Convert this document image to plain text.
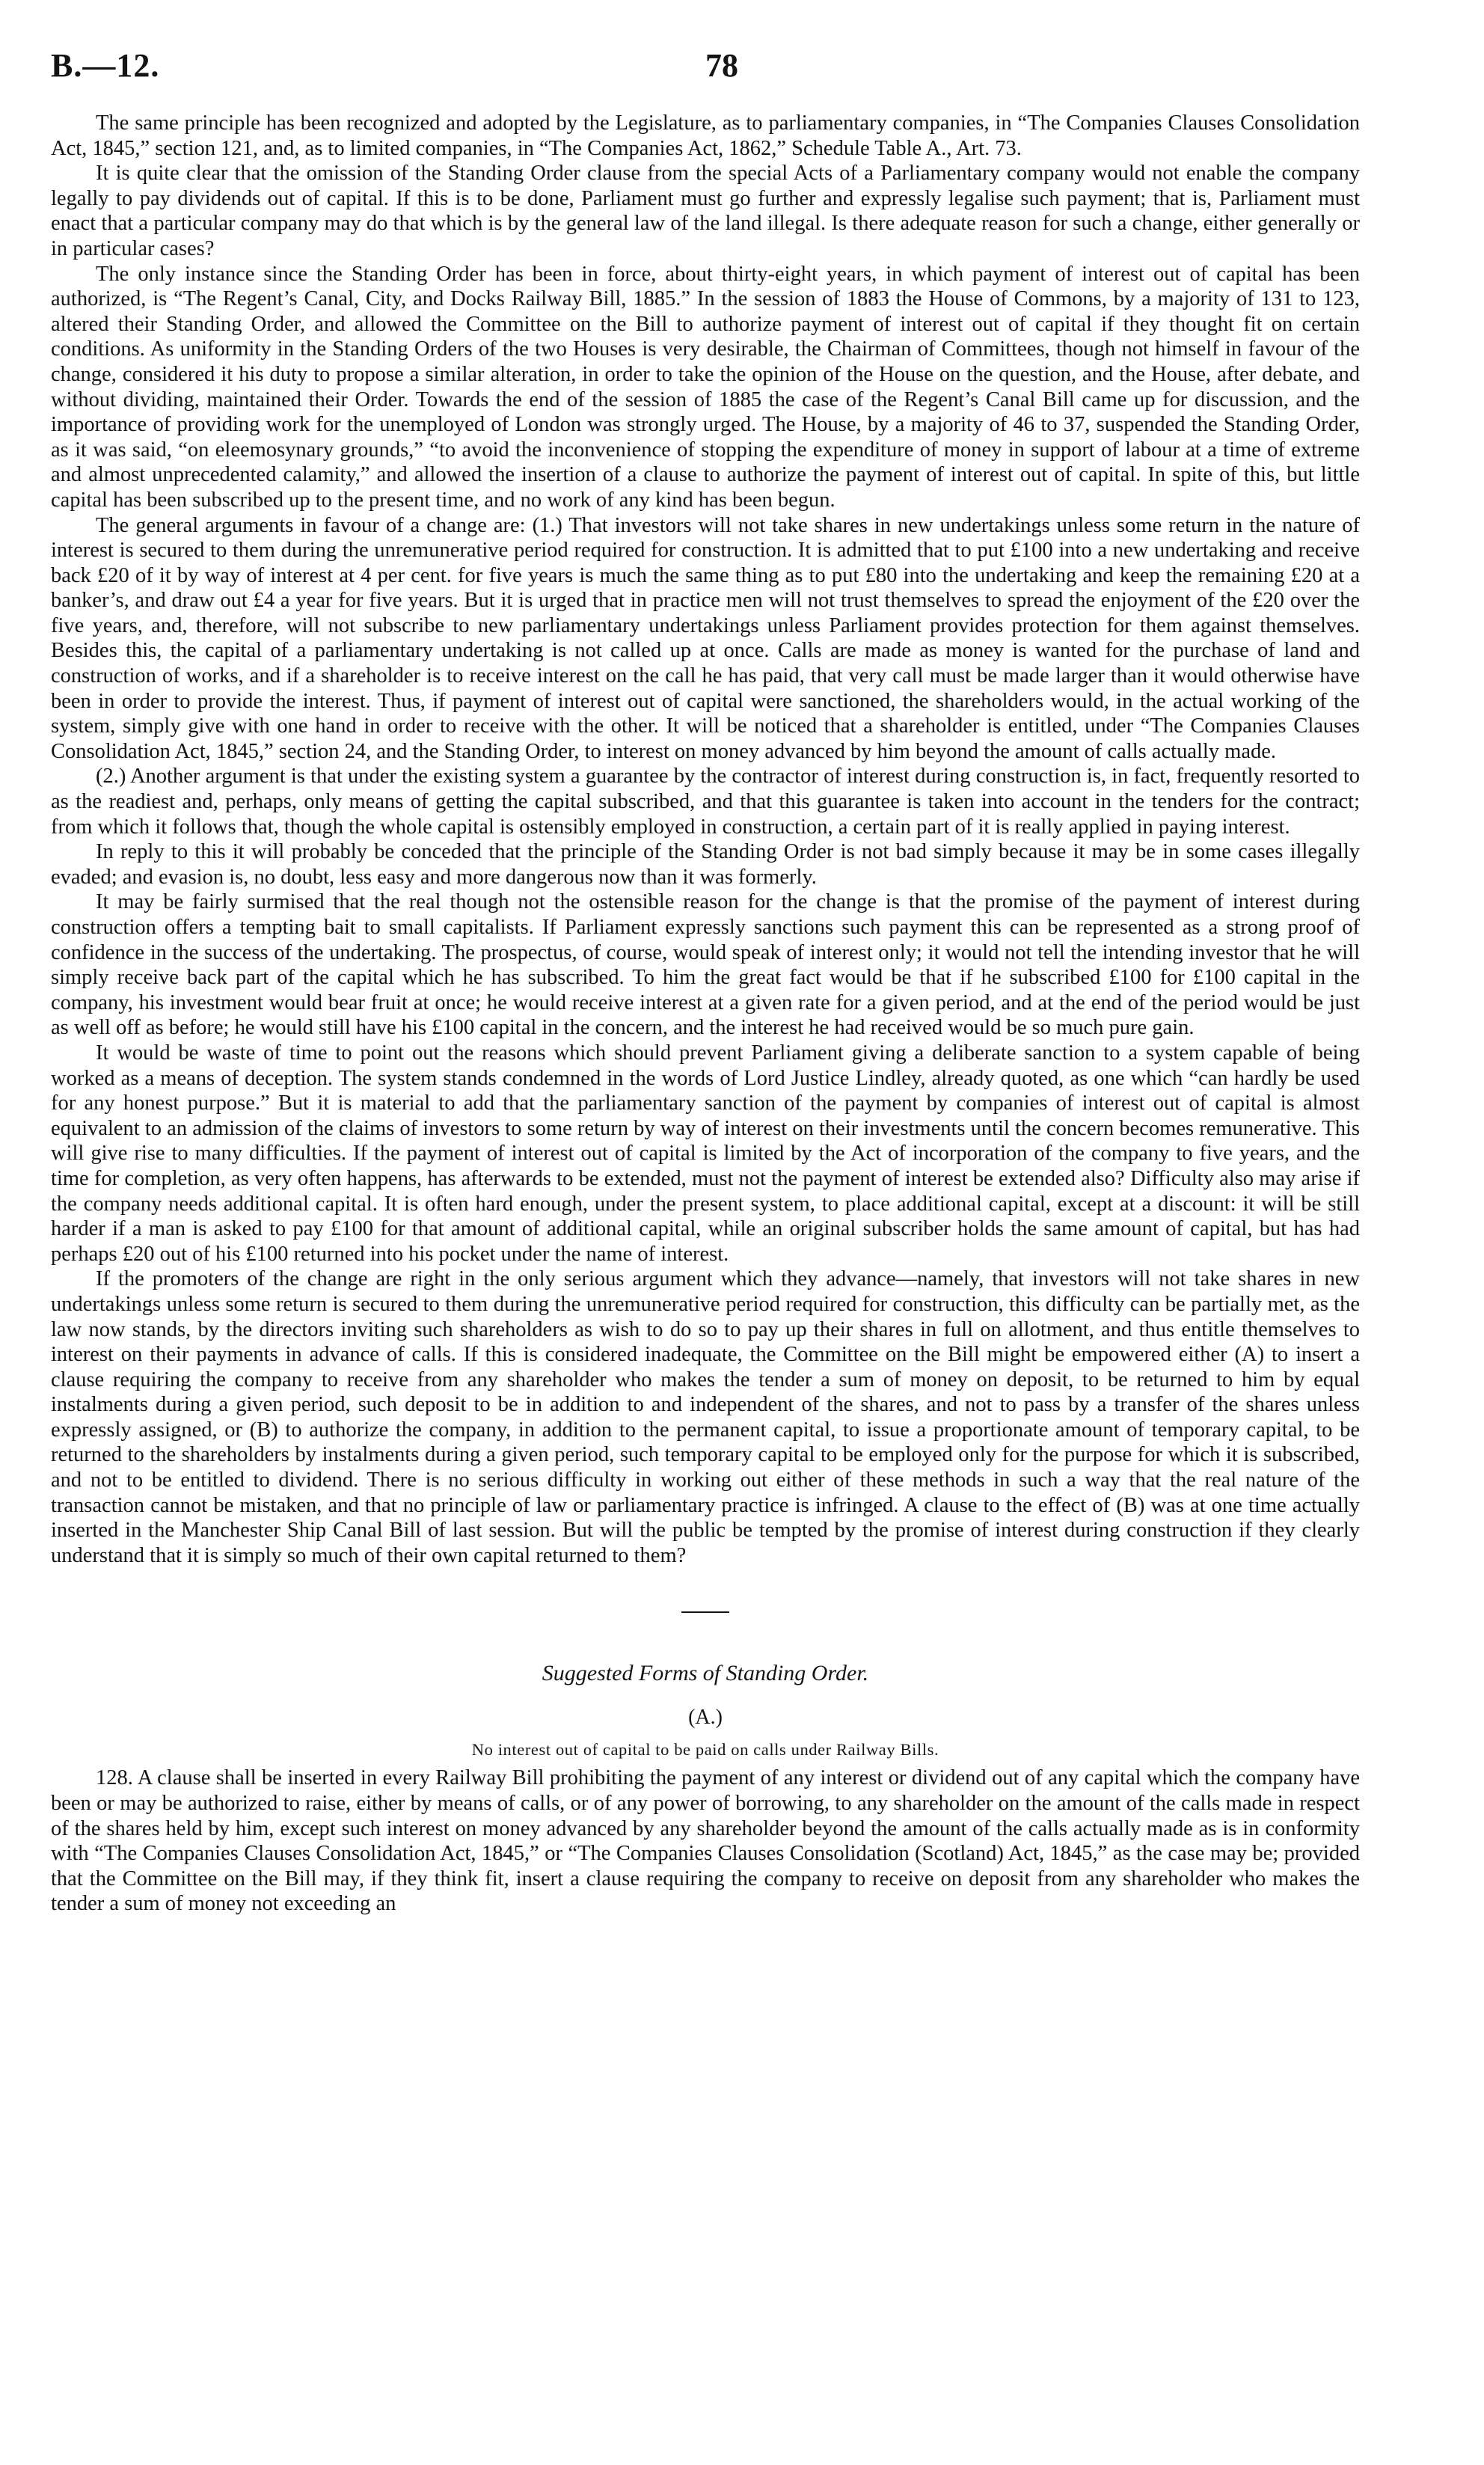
B.—12.	78

The same principle has been recognized and adopted by the Legislature, as to parliamentary companies, in “The Companies Clauses Consolidation Act, 1845,” section 121, and, as to limited companies, in “The Companies Act, 1862,” Schedule Table A., Art. 73.

It is quite clear that the omission of the Standing Order clause from the special Acts of a Parliamentary company would not enable the company legally to pay dividends out of capital. If this is to be done, Parliament must go further and expressly legalise such payment; that is, Parliament must enact that a particular company may do that which is by the general law of the land illegal. Is there adequate reason for such a change, either generally or in particular cases?

The only instance since the Standing Order has been in force, about thirty-eight years, in which payment of interest out of capital has been authorized, is “The Regent’s Canal, City, and Docks Railway Bill, 1885.” In the session of 1883 the House of Commons, by a majority of 131 to 123, altered their Standing Order, and allowed the Committee on the Bill to authorize payment of interest out of capital if they thought fit on certain conditions. As uniformity in the Standing Orders of the two Houses is very desirable, the Chairman of Committees, though not himself in favour of the change, considered it his duty to propose a similar alteration, in order to take the opinion of the House on the question, and the House, after debate, and without dividing, maintained their Order. Towards the end of the session of 1885 the case of the Regent’s Canal Bill came up for discussion, and the importance of providing work for the unemployed of London was strongly urged. The House, by a majority of 46 to 37, suspended the Standing Order, as it was said, “on eleemosynary grounds,” “to avoid the inconvenience of stopping the expenditure of money in support of labour at a time of extreme and almost unprecedented calamity,” and allowed the insertion of a clause to authorize the payment of interest out of capital. In spite of this, but little capital has been subscribed up to the present time, and no work of any kind has been begun.

The general arguments in favour of a change are: (1.) That investors will not take shares in new undertakings unless some return in the nature of interest is secured to them during the unremunerative period required for construction. It is admitted that to put £100 into a new undertaking and receive back £20 of it by way of interest at 4 per cent. for five years is much the same thing as to put £80 into the undertaking and keep the remaining £20 at a banker’s, and draw out £4 a year for five years. But it is urged that in practice men will not trust themselves to spread the enjoyment of the £20 over the five years, and, therefore, will not subscribe to new parliamentary undertakings unless Parliament provides protection for them against themselves. Besides this, the capital of a parliamentary undertaking is not called up at once. Calls are made as money is wanted for the purchase of land and construction of works, and if a shareholder is to receive interest on the call he has paid, that very call must be made larger than it would otherwise have been in order to provide the interest. Thus, if payment of interest out of capital were sanctioned, the shareholders would, in the actual working of the system, simply give with one hand in order to receive with the other. It will be noticed that a shareholder is entitled, under “The Companies Clauses Consolidation Act, 1845,” section 24, and the Standing Order, to interest on money advanced by him beyond the amount of calls actually made.

(2.) Another argument is that under the existing system a guarantee by the contractor of interest during construction is, in fact, frequently resorted to as the readiest and, perhaps, only means of getting the capital subscribed, and that this guarantee is taken into account in the tenders for the contract; from which it follows that, though the whole capital is ostensibly employed in construction, a certain part of it is really applied in paying interest.

In reply to this it will probably be conceded that the principle of the Standing Order is not bad simply because it may be in some cases illegally evaded; and evasion is, no doubt, less easy and more dangerous now than it was formerly.

It may be fairly surmised that the real though not the ostensible reason for the change is that the promise of the payment of interest during construction offers a tempting bait to small capitalists. If Parliament expressly sanctions such payment this can be represented as a strong proof of confidence in the success of the undertaking. The prospectus, of course, would speak of interest only; it would not tell the intending investor that he will simply receive back part of the capital which he has subscribed. To him the great fact would be that if he subscribed £100 for £100 capital in the company, his investment would bear fruit at once; he would receive interest at a given rate for a given period, and at the end of the period would be just as well off as before; he would still have his £100 capital in the concern, and the interest he had received would be so much pure gain.

It would be waste of time to point out the reasons which should prevent Parliament giving a deliberate sanction to a system capable of being worked as a means of deception. The system stands condemned in the words of Lord Justice Lindley, already quoted, as one which “can hardly be used for any honest purpose.” But it is material to add that the parliamentary sanction of the payment by companies of interest out of capital is almost equivalent to an admission of the claims of investors to some return by way of interest on their investments until the concern becomes remunerative. This will give rise to many difficulties. If the payment of interest out of capital is limited by the Act of incorporation of the company to five years, and the time for completion, as very often happens, has afterwards to be extended, must not the payment of interest be extended also? Difficulty also may arise if the company needs additional capital. It is often hard enough, under the present system, to place additional capital, except at a discount: it will be still harder if a man is asked to pay £100 for that amount of additional capital, while an original subscriber holds the same amount of capital, but has had perhaps £20 out of his £100 returned into his pocket under the name of interest.

If the promoters of the change are right in the only serious argument which they advance—namely, that investors will not take shares in new undertakings unless some return is secured to them during the unremunerative period required for construction, this difficulty can be partially met, as the law now stands, by the directors inviting such shareholders as wish to do so to pay up their shares in full on allotment, and thus entitle themselves to interest on their payments in advance of calls. If this is considered inadequate, the Committee on the Bill might be empowered either (A) to insert a clause requiring the company to receive from any shareholder who makes the tender a sum of money on deposit, to be returned to him by equal instalments during a given period, such deposit to be in addition to and independent of the shares, and not to pass by a transfer of the shares unless expressly assigned, or (B) to authorize the company, in addition to the permanent capital, to issue a proportionate amount of temporary capital, to be returned to the shareholders by instalments during a given period, such temporary capital to be employed only for the purpose for which it is subscribed, and not to be entitled to dividend. There is no serious difficulty in working out either of these methods in such a way that the real nature of the transaction cannot be mistaken, and that no principle of law or parliamentary practice is infringed. A clause to the effect of (B) was at one time actually inserted in the Manchester Ship Canal Bill of last session. But will the public be tempted by the promise of interest during construction if they clearly understand that it is simply so much of their own capital returned to them?

Suggested Forms of Standing Order.
(A.)
No interest out of capital to be paid on calls under Railway Bills.

128. A clause shall be inserted in every Railway Bill prohibiting the payment of any interest or dividend out of any capital which the company have been or may be authorized to raise, either by means of calls, or of any power of borrowing, to any shareholder on the amount of the calls made in respect of the shares held by him, except such interest on money advanced by any shareholder beyond the amount of the calls actually made as is in conformity with “The Companies Clauses Consolidation Act, 1845,” or “The Companies Clauses Consolidation (Scotland) Act, 1845,” as the case may be; provided that the Committee on the Bill may, if they think fit, insert a clause requiring the company to receive on deposit from any shareholder who makes the tender a sum of money not exceeding an
